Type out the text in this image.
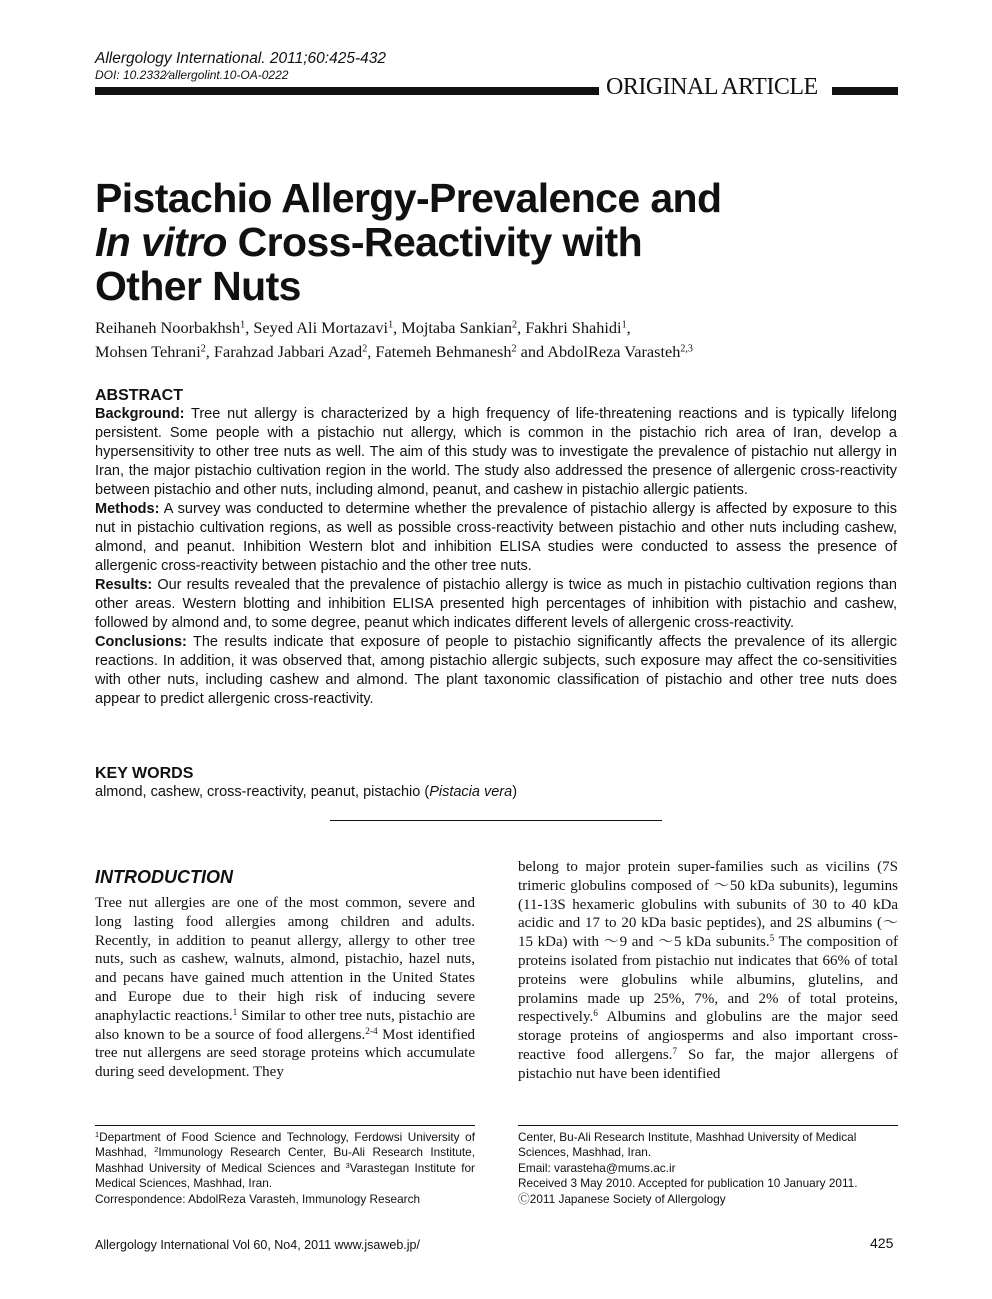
Allergology International. 2011;60:425-432
DOI: 10.2332⁄allergolint.10-OA-0222	ORIGINAL ARTICLE
Pistachio Allergy-Prevalence and
In vitro Cross-Reactivity with
Other Nuts
Reihaneh Noorbakhsh$^1$, Seyed Ali Mortazavi$^1$, Mojtaba Sankian$^2$, Fakhri Shahidi$^1$,
Mohsen Tehrani$^2$, Farahzad Jabbari Azad$^2$, Fatemeh Behmanesh$^2$ and AbdolReza Varasteh$^{2,3}$
ABSTRACT

Background: Tree nut allergy is characterized by a high frequency of life-threatening reactions and is typically lifelong persistent. Some people with a pistachio nut allergy, which is common in the pistachio rich area of Iran, develop a hypersensitivity to other tree nuts as well. The aim of this study was to investigate the prevalence of pistachio nut allergy in Iran, the major pistachio cultivation region in the world. The study also addressed the presence of allergenic cross-reactivity between pistachio and other nuts, including almond, peanut, and cashew in pistachio allergic patients.

Methods: A survey was conducted to determine whether the prevalence of pistachio allergy is affected by exposure to this nut in pistachio cultivation regions, as well as possible cross-reactivity between pistachio and other nuts including cashew, almond, and peanut. Inhibition Western blot and inhibition ELISA studies were conducted to assess the presence of allergenic cross-reactivity between pistachio and the other tree nuts.

Results: Our results revealed that the prevalence of pistachio allergy is twice as much in pistachio cultivation regions than other areas. Western blotting and inhibition ELISA presented high percentages of inhibition with pistachio and cashew, followed by almond and, to some degree, peanut which indicates different levels of allergenic cross-reactivity.

Conclusions: The results indicate that exposure of people to pistachio significantly affects the prevalence of its allergic reactions. In addition, it was observed that, among pistachio allergic subjects, such exposure may affect the co-sensitivities with other nuts, including cashew and almond. The plant taxonomic classification of pistachio and other tree nuts does appear to predict allergenic cross-reactivity.

KEY WORDS

almond, cashew, cross-reactivity, peanut, pistachio (Pistacia vera)

INTRODUCTION

Tree nut allergies are one of the most common, severe and long lasting food allergies among children and adults. Recently, in addition to peanut allergy, allergy to other tree nuts, such as cashew, walnuts, almond, pistachio, hazel nuts, and pecans have gained much attention in the United States and Europe due to their high risk of inducing severe anaphylactic reactions.$^1$ Similar to other tree nuts, pistachio are also known to be a source of food allergens.$^{2-4}$ Most identified tree nut allergens are seed storage proteins which accumulate during seed development. They

belong to major protein super-families such as vicilins (7S trimeric globulins composed of ～50 kDa subunits), legumins (11-13S hexameric globulins with subunits of 30 to 40 kDa acidic and 17 to 20 kDa basic peptides), and 2S albumins (～15 kDa) with ～9 and ～5 kDa subunits.$^5$ The composition of proteins isolated from pistachio nut indicates that 66% of total proteins were globulins while albumins, glutelins, and prolamins made up 25%, 7%, and 2% of total proteins, respectively.$^6$ Albumins and globulins are the major seed storage proteins of angiosperms and also important cross-reactive food allergens.$^7$ So far, the major allergens of pistachio nut have been identified

$^1$Department of Food Science and Technology, Ferdowsi University of Mashhad, $^2$Immunology Research Center, Bu-Ali Research Institute, Mashhad University of Medical Sciences and $^3$Varastegan Institute for Medical Sciences, Mashhad, Iran.
Correspondence: AbdolReza Varasteh, Immunology Research

Center, Bu-Ali Research Institute, Mashhad University of Medical Sciences, Mashhad, Iran.
Email: varasteha@mums.ac.ir
Received 3 May 2010. Accepted for publication 10 January 2011.
Ⓒ2011 Japanese Society of Allergology

Allergology International Vol 60, No4, 2011 www.jsaweb.jp/	425
